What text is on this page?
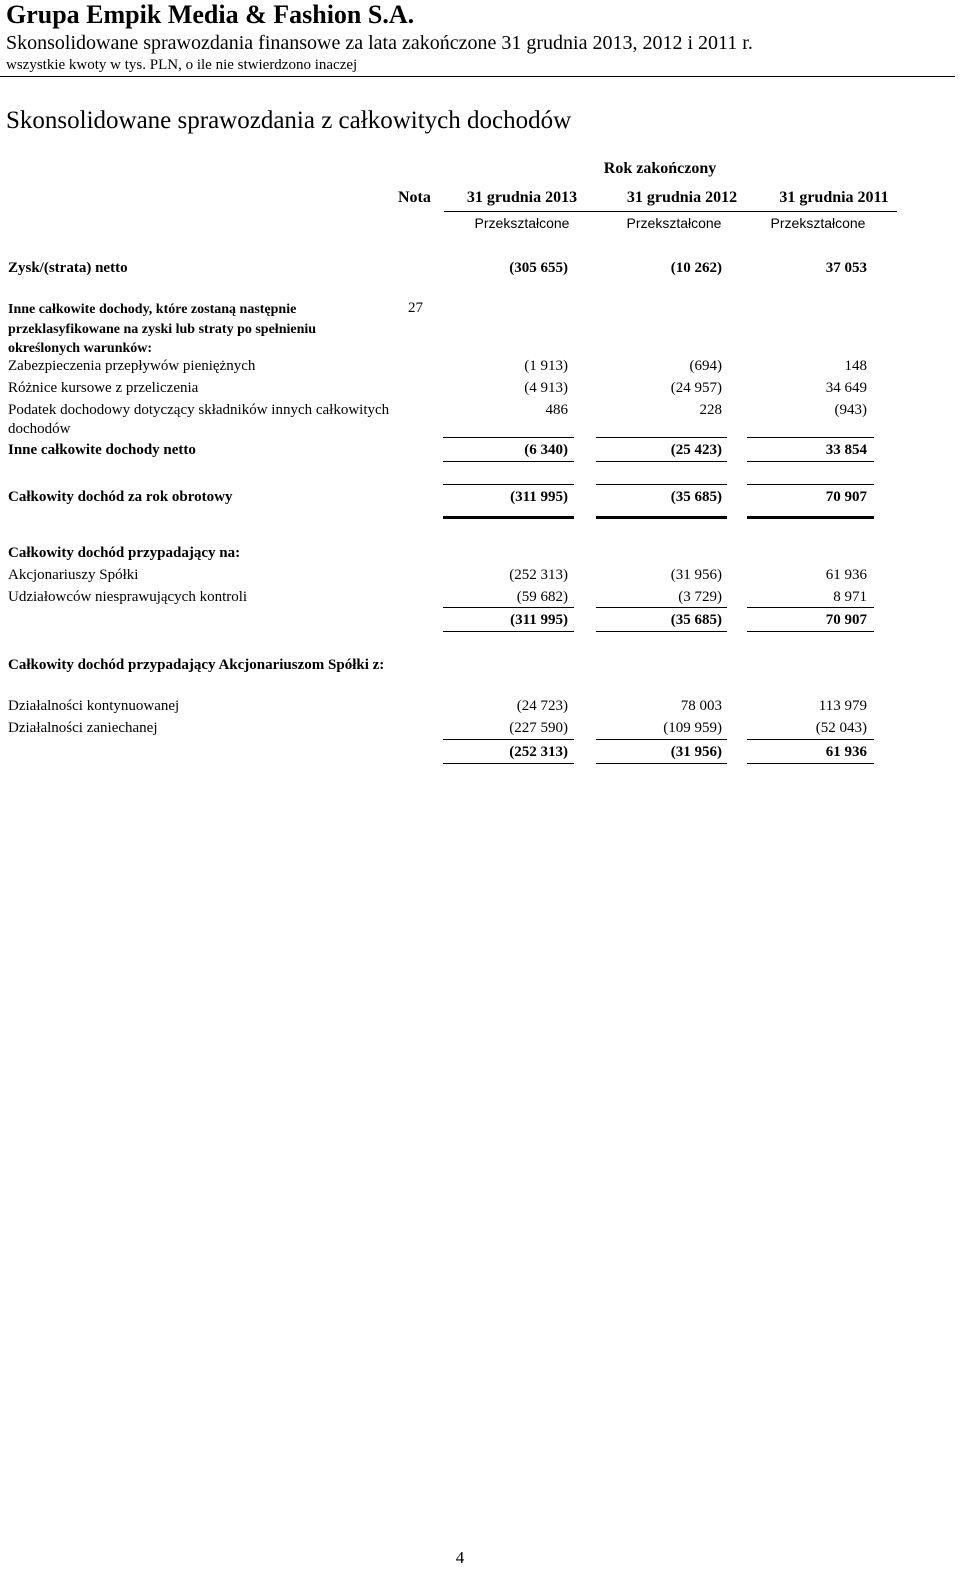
Grupa Empik Media & Fashion S.A.
Skonsolidowane sprawozdania finansowe za lata zakończone 31 grudnia 2013, 2012 i 2011 r.
wszystkie kwoty w tys. PLN, o ile nie stwierdzono inaczej
Skonsolidowane sprawozdania z całkowitych dochodów
Rok zakończony
Nota	31 grudnia 2013	31 grudnia 2012	31 grudnia 2011
Przekształcone	Przekształcone	Przekształcone
Zysk/(strata) netto	(305 655)	(10 262)	37 053
Inne całkowite dochody, które zostaną następnie	27
przeklasyfikowane na zyski lub straty po spełnieniu
określonych warunków:
Zabezpieczenia przepływów pieniężnych	(1 913)	(694)	148
Różnice kursowe z przeliczenia	(4 913)	(24 957)	34 649
Podatek dochodowy dotyczący składników innych całkowitych
dochodów
486	228	(943)
Inne całkowite dochody netto	(6 340)	(25 423)	33 854
Całkowity dochód za rok obrotowy	(311 995)	(35 685)	70 907
Całkowity dochód przypadający na:
Akcjonariuszy Spółki	(252 313)	(31 956)	61 936
Udziałowców niesprawujących kontroli	(59 682)	(3 729)	8 971
(311 995)	(35 685)	70 907
Całkowity dochód przypadający Akcjonariuszom Spółki z:
Działalności kontynuowanej	(24 723)	78 003	113 979
Działalności zaniechanej	(227 590)	(109 959)	(52 043)
(252 313)	(31 956)	61 936
4
